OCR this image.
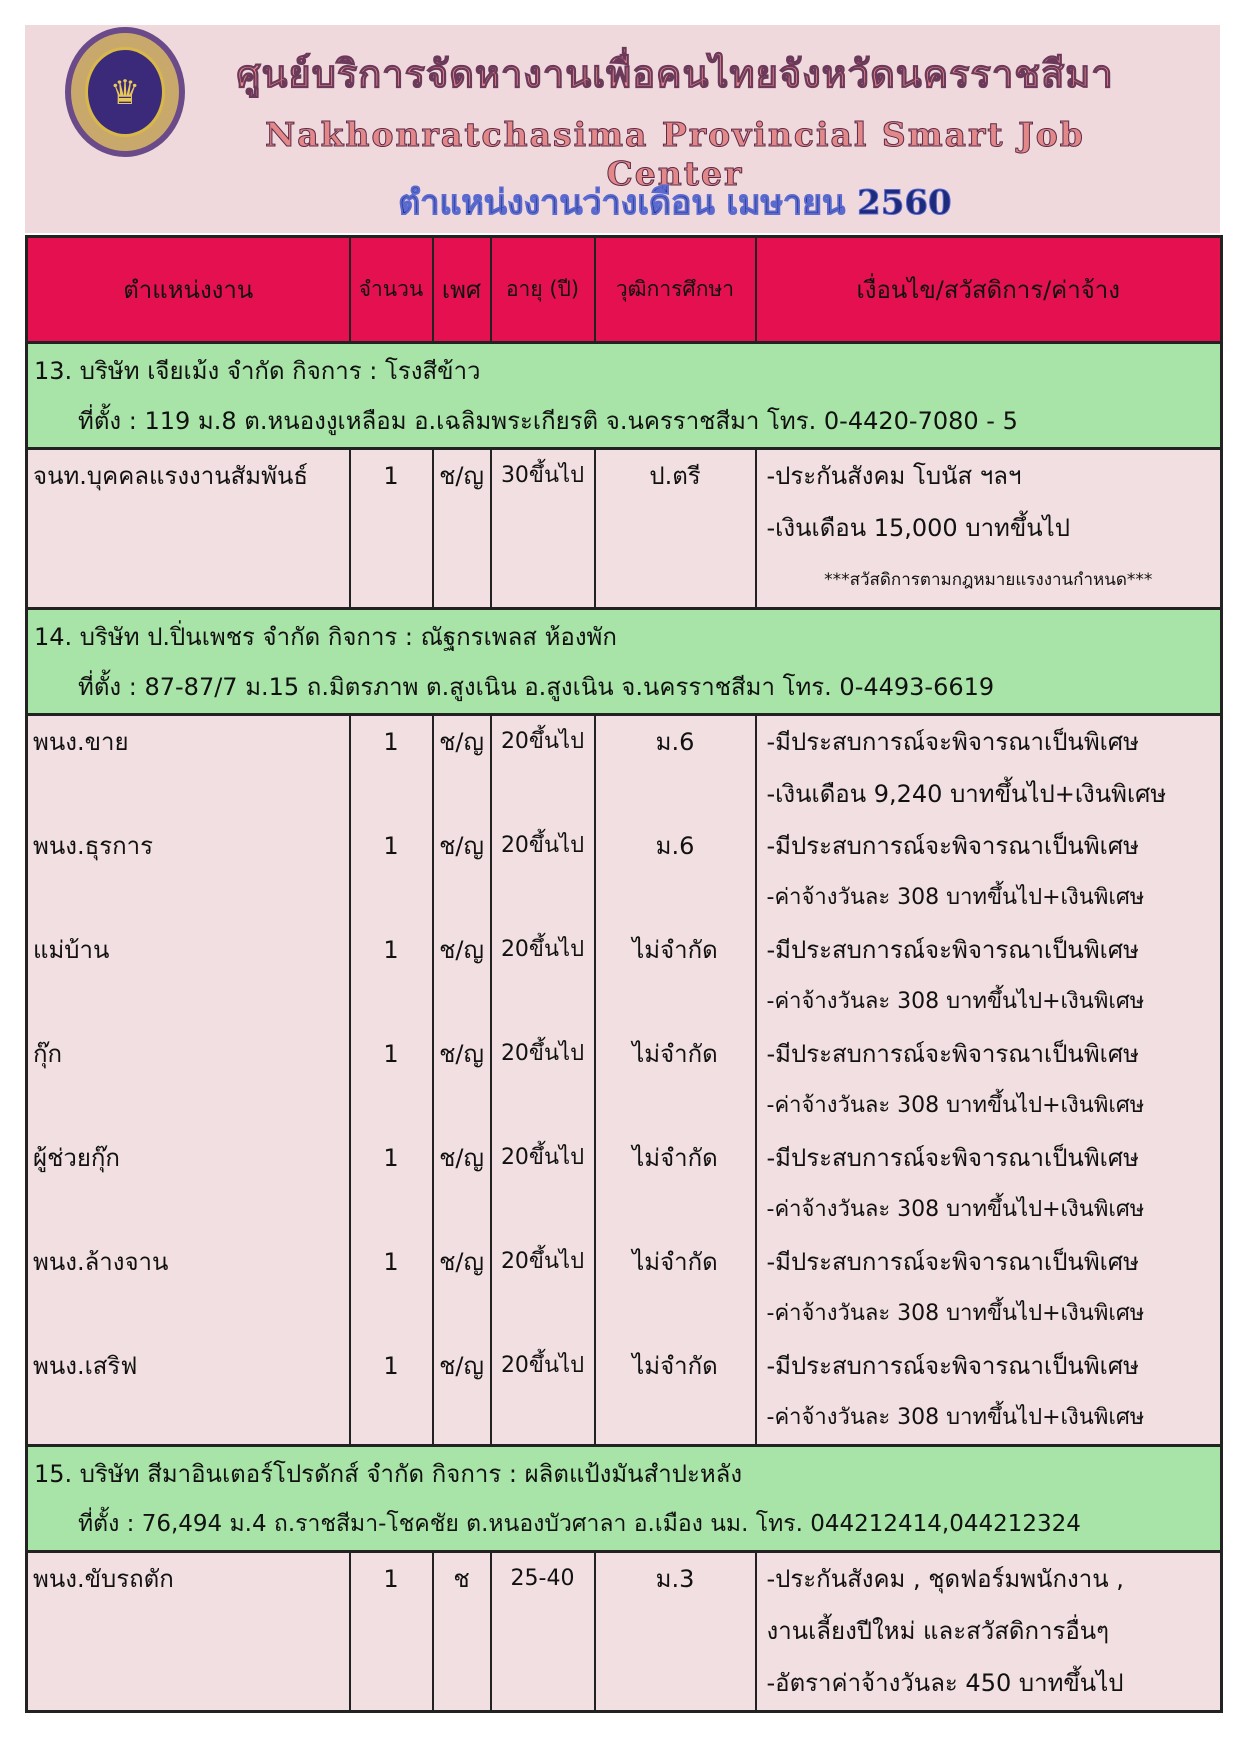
♛	ศูนย์บริการจัดหางานเพื่อคนไทยจังหวัดนครราชสีมา
Nakhonratchasima Provincial Smart Job Center
ตำแหน่งงานว่างเดือน เมษายน 2560
ตำแหน่งงาน	จำนวน	เพศ	อายุ (ปี)	วุฒิการศึกษา	เงื่อนไข/สวัสดิการ/ค่าจ้าง

13. บริษัท เจียเม้ง จำกัด กิจการ : โรงสีข้าว
ที่ตั้ง : 119 ม.8 ต.หนองงูเหลือม อ.เฉลิมพระเกียรติ จ.นครราชสีมา โทร. 0-4420-7080 - 5					

จนท.บุคคลแรงงานสัมพันธ์	1	ช/ญ	30ขึ้นไป	ป.ตรี	-ประกันสังคม โบนัส ฯลฯ
-เงินเดือน 15,000 บาทขึ้นไป
***สวัสดิการตามกฎหมายแรงงานกำหนด***

14. บริษัท ป.ปิ่นเพชร จำกัด กิจการ : ณัฐกรเพลส ห้องพัก
ที่ตั้ง : 87-87/7 ม.15 ถ.มิตรภาพ ต.สูงเนิน อ.สูงเนิน จ.นครราชสีมา โทร. 0-4493-6619					

พนง.ขาย	1	ช/ญ	20ขึ้นไป	ม.6	-มีประสบการณ์จะพิจารณาเป็นพิเศษ
-เงินเดือน 9,240 บาทขึ้นไป+เงินพิเศษ

พนง.ธุรการ	1	ช/ญ	20ขึ้นไป	ม.6	-มีประสบการณ์จะพิจารณาเป็นพิเศษ
-ค่าจ้างวันละ 308 บาทขึ้นไป+เงินพิเศษ

แม่บ้าน	1	ช/ญ	20ขึ้นไป	ไม่จำกัด	-มีประสบการณ์จะพิจารณาเป็นพิเศษ
-ค่าจ้างวันละ 308 บาทขึ้นไป+เงินพิเศษ

กุ๊ก	1	ช/ญ	20ขึ้นไป	ไม่จำกัด	-มีประสบการณ์จะพิจารณาเป็นพิเศษ
-ค่าจ้างวันละ 308 บาทขึ้นไป+เงินพิเศษ

ผู้ช่วยกุ๊ก	1	ช/ญ	20ขึ้นไป	ไม่จำกัด	-มีประสบการณ์จะพิจารณาเป็นพิเศษ
-ค่าจ้างวันละ 308 บาทขึ้นไป+เงินพิเศษ

พนง.ล้างจาน	1	ช/ญ	20ขึ้นไป	ไม่จำกัด	-มีประสบการณ์จะพิจารณาเป็นพิเศษ
-ค่าจ้างวันละ 308 บาทขึ้นไป+เงินพิเศษ

พนง.เสริฟ	1	ช/ญ	20ขึ้นไป	ไม่จำกัด	-มีประสบการณ์จะพิจารณาเป็นพิเศษ
-ค่าจ้างวันละ 308 บาทขึ้นไป+เงินพิเศษ

15. บริษัท สีมาอินเตอร์โปรดักส์ จำกัด กิจการ : ผลิตแป้งมันสำปะหลัง
ที่ตั้ง : 76,494 ม.4 ถ.ราชสีมา-โชคชัย ต.หนองบัวศาลา อ.เมือง นม. โทร. 044212414,044212324					

พนง.ขับรถตัก	1	ช	25-40	ม.3	-ประกันสังคม , ชุดฟอร์มพนักงาน ,
งานเลี้ยงปีใหม่ และสวัสดิการอื่นๆ
-อัตราค่าจ้างวันละ 450 บาทขึ้นไป
